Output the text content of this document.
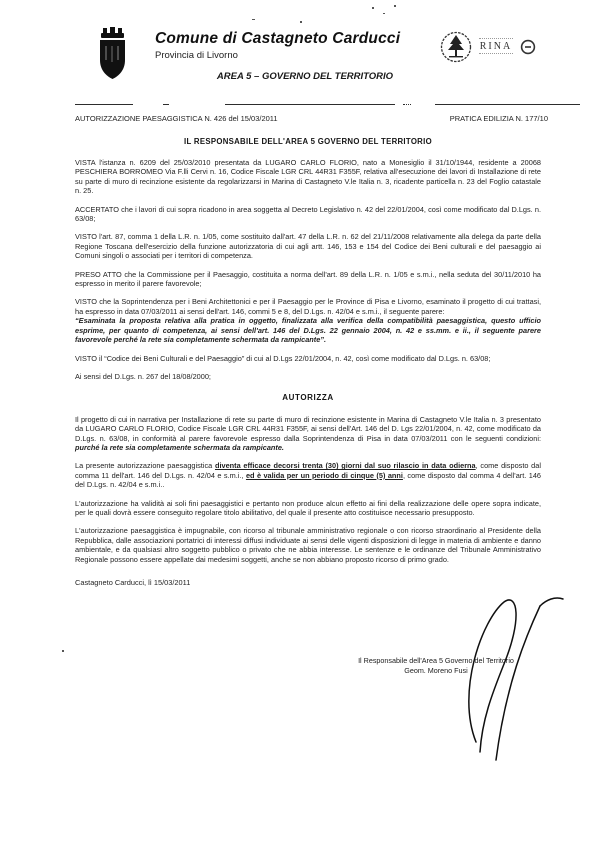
Comune di Castagneto Carducci
Provincia di Livorno
AREA 5 – GOVERNO DEL TERRITORIO
RINA
AUTORIZZAZIONE PAESAGGISTICA N. 426 del 15/03/2011	PRATICA EDILIZIA N. 177/10
IL RESPONSABILE DELL'AREA 5 GOVERNO DEL TERRITORIO

VISTA l'istanza n. 6209 del 25/03/2010 presentata da LUGARO CARLO FLORIO, nato a Monesiglio il 31/10/1944, residente a 20068 PESCHIERA BORROMEO Via F.lli Cervi n. 16, Codice Fiscale LGR CRL 44R31 F355F, relativa all'esecuzione dei lavori di Installazione di rete su parte di muro di recinzione esistente da regolarizzarsi in Marina di Castagneto V.le Italia n. 3, ricadente particella n. 23 del Foglio catastale n. 25.

ACCERTATO che i lavori di cui sopra ricadono in area soggetta al Decreto Legislativo n. 42 del 22/01/2004, così come modificato dal D.Lgs. n. 63/08;

VISTO l'art. 87, comma 1 della L.R. n. 1/05, come sostituito dall'art. 47 della L.R. n. 62 del 21/11/2008 relativamente alla delega da parte della Regione Toscana dell'esercizio della funzione autorizzatoria di cui agli artt. 146, 153 e 154 del Codice dei Beni culturali e del paesaggio ai Comuni singoli o associati per i territori di competenza.

PRESO ATTO che la Commissione per il Paesaggio, costituita a norma dell'art. 89 della L.R. n. 1/05 e s.m.i., nella seduta del 30/11/2010 ha espresso in merito il parere favorevole;

VISTO che la Soprintendenza per i Beni Architettonici e per il Paesaggio per le Province di Pisa e Livorno, esaminato il progetto di cui trattasi, ha espresso in data 07/03/2011 ai sensi dell'art. 146, commi 5 e 8, del D.Lgs. n. 42/04 e s.m.i., il seguente parere:
“Esaminata la proposta relativa alla pratica in oggetto, finalizzata alla verifica della compatibilità paesaggistica, questo ufficio esprime, per quanto di competenza, ai sensi dell'art. 146 del D.Lgs. 22 gennaio 2004, n. 42 e ss.mm. e ii., il seguente parere favorevole perché la rete sia completamente schermata da rampicante”.

VISTO il “Codice dei Beni Culturali e del Paesaggio” di cui al D.Lgs 22/01/2004, n. 42, così come modificato dal D.Lgs. n. 63/08;

Ai sensi del D.Lgs. n. 267 del 18/08/2000;

AUTORIZZA

Il progetto di cui in narrativa per Installazione di rete su parte di muro di recinzione esistente in Marina di Castagneto V.le Italia n. 3 presentato da LUGARO CARLO FLORIO, Codice Fiscale LGR CRL 44R31 F355F, ai sensi dell'Art. 146 del D. Lgs 22/01/2004, n. 42, come modificato da D.Lgs. n. 63/08, in conformità al parere favorevole espresso dalla Soprintendenza di Pisa in data 07/03/2011 con le seguenti condizioni: purché la rete sia completamente schermata da rampicante.

La presente autorizzazione paesaggistica diventa efficace decorsi trenta (30) giorni dal suo rilascio in data odierna, come disposto dal comma 11 dell'art. 146 del D.Lgs. n. 42/04 e s.m.i., ed è valida per un periodo di cinque (5) anni, come disposto dal comma 4 dell'art. 146 del D.Lgs. n. 42/04 e s.m.i..

L'autorizzazione ha validità ai soli fini paesaggistici e pertanto non produce alcun effetto ai fini della realizzazione delle opere sopra indicate, per le quali dovrà essere conseguito regolare titolo abilitativo, del quale il presente atto costituisce necessario presupposto.

L'autorizzazione paesaggistica è impugnabile, con ricorso al tribunale amministrativo regionale o con ricorso straordinario al Presidente della Repubblica, dalle associazioni portatrici di interessi diffusi individuate ai sensi delle vigenti disposizioni di legge in materia di ambiente e danno ambientale, e da qualsiasi altro soggetto pubblico o privato che ne abbia interesse. Le sentenze e le ordinanze del Tribunale Amministrativo Regionale possono essere appellate dai medesimi soggetti, anche se non abbiano proposto ricorso di primo grado.

Castagneto Carducci, lì 15/03/2011
Il Responsabile dell'Area 5 Governo del Territorio
Geom. Moreno Fusi
